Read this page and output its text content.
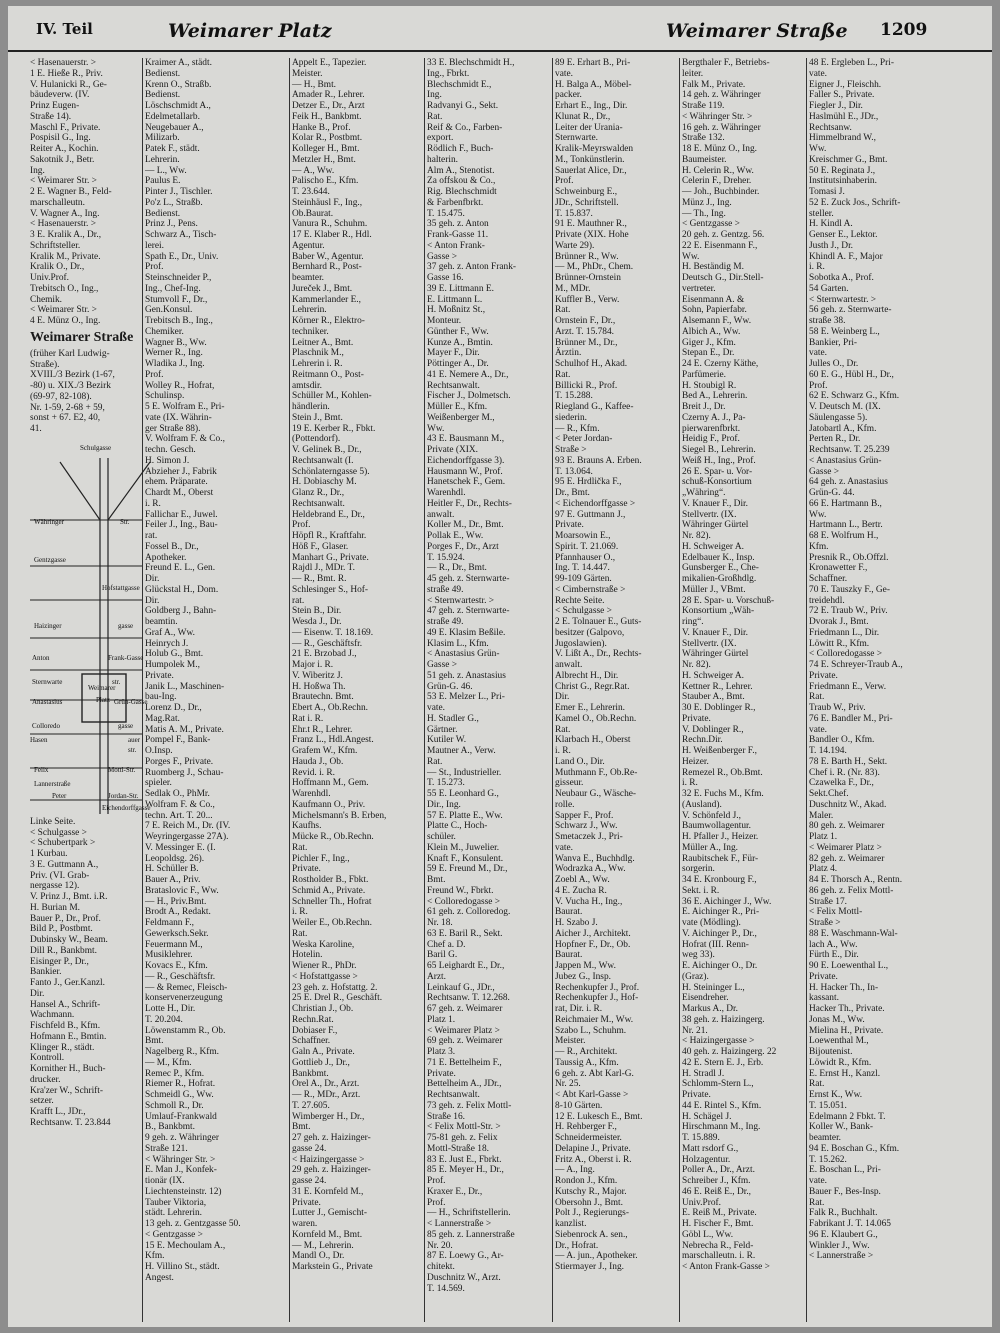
IV. Teil	Weimarer Platz	Weimarer Straße 1209
< Hasenauerstr. >
1 E. Hieße R., Priv.
V. Hulanicki R., Ge-
bäudeverw. (IV.
Prinz Eugen-
Straße 14).
Maschl F., Private.
Pospisil G., Ing.
Reiter A., Kochin.
Sakotnik J., Betr.
Ing.
< Weimarer Str. >
2 E. Wagner B., Feld-
marschalleutn.
V. Wagner A., Ing.
< Hasenauerstr. >
3 E. Kralik A., Dr.,
Schriftsteller.
Kralik M., Private.
Kralik O., Dr.,
Univ.Prof.
Trebitsch O., Ing.,
Chemik.
< Weimarer Str. >
4 E. Münz O., Ing.
Weimarer Straße
(früher Karl Ludwig-
Straße).
XVIII./3 Bezirk (1-67,
-80) u. XIX./3 Bezirk
(69-97, 82-108).
Nr. 1-59, 2-68 + 59,
sonst + 67. E2, 40,
41.
Schulgasse
Währinger	Str.
Gentzgasse
Hofstattgasse
Haizinger	gasse
Anton	Frank-Gasse
Sternwarte	str.
Anastasius	Grün-Gasse
Colloredo	gasse
Hasen
Weimarer
Platz
auer
str.
Felix	Mottl-Str.
Lannerstraße
Peter	Jordan-Str.
Eichendorffgasse
Linke Seite.
< Schulgasse >
< Schubertpark >
1 Kurbau.
3 E. Guttmann A.,
Priv. (VI. Grab-
nergasse 12).
V. Prinz J., Bmt. i.R.
H. Burian M.
Bauer P., Dr., Prof.
Bild P., Postbmt.
Dubinsky W., Beam.
Dill R., Bankbmt.
Eisinger P., Dr.,
Bankier.
Fanto J., Ger.Kanzl.
Dir.
Hansel A., Schrift-
Wachmann.
Fischfeld B., Kfm.
Hofmann E., Bmtin.
Klinger R., städt.
Kontroll.
Kornither H., Buch-
drucker.
Kra'zer W., Schrift-
setzer.
Krafft L., JDr.,
Rechtsanw. T. 23.844
Kraimer A., städt.
Bedienst.
Krenn O., Straßb.
Bedienst.
Löschschmidt A.,
Edelmetallarb.
Neugebauer A.,
Milizarb.
Patek F., städt.
Lehrerin.
— L., Ww.
Paulus E.
Pinter J., Tischler.
Po'z L., Straßb.
Bedienst.
Prinz J., Pens.
Schwarz A., Tisch-
lerei.
Spath E., Dr., Univ.
Prof.
Steinschneider P.,
Ing., Chef-Ing.
Stumvoll F., Dr.,
Gen.Konsul.
Trebitsch B., Ing.,
Chemiker.
Wagner B., Ww.
Werner R., Ing.
Wladika J., Ing.
Prof.
Wolley R., Hofrat,
Schulinsp.
5 E. Wolfram E., Pri-
vate (IX. Währin-
ger Straße 88).
V. Wolfram F. & Co.,
techn. Gesch.
H. Simon J.
Abzieher J., Fabrik
ehem. Präparate.
Chardt M., Oberst
i. R.
Fallichar E., Juwel.
Feiler J., Ing., Bau-
rat.
Fossel B., Dr.,
Apotheker.
Freund E. L., Gen.
Dir.
Glückstal H., Dom.
Dir.
Goldberg J., Bahn-
beamtin.
Graf A., Ww.
Heinrych J.
Holub G., Bmt.
Humpolek M.,
Private.
Janik L., Maschinen-
bau-Ing.
Lorenz D., Dr.,
Mag.Rat.
Matis A. M., Private.
Pompel F., Bank-
O.Insp.
Porges F., Private.
Ruomberg J., Schau-
spieler.
Sedlak O., PhMr.
Wolfram F. & Co.,
techn. Art. T. 20...
7 E. Reich M., Dr. (IV.
Weyringergasse 27A).
V. Messinger E. (I.
Leopoldsg. 26).
H. Schüller B.
Bauer A., Priv.
Brataslovic F., Ww.
— H., Priv.Bmt.
Brodt A., Redakt.
Feldmann F.,
Gewerksch.Sekr.
Feuermann M.,
Musiklehrer.
Kovacs E., Kfm.
— R., Geschäftsfr.
— & Remec, Fleisch-
konservenerzeugung
Lotte H., Dir.
T. 20.204.
Löwenstamm R., Ob.
Bmt.
Nagelberg R., Kfm.
— M., Kfm.
Remec P., Kfm.
Riemer R., Hofrat.
Schmeidl G., Ww.
Schmoll R., Dr.
Umlauf-Frankwald
B., Bankbmt.
9 geh. z. Währinger
Straße 121.
< Währinger Str. >
E. Man J., Konfek-
tionär (IX.
Liechtensteinstr. 12)
Tauber Viktoria,
städt. Lehrerin.
13 geh. z. Gentzgasse 50.
< Gentzgasse >
15 E. Mechoulam A.,
Kfm.
H. Villino St., städt.
Angest.
Appelt E., Tapezier.
Meister.
— H., Bmt.
Amader R., Lehrer.
Detzer E., Dr., Arzt
Feik H., Bankbmt.
Hanke B., Prof.
Kolar R., Postbmt.
Kolleger H., Bmt.
Metzler H., Bmt.
— A., Ww.
Palischo E., Kfm.
T. 23.644.
Steinhäusl F., Ing.,
Ob.Baurat.
Vanura R., Schuhm.
17 E. Klaber R., Hdl.
Agentur.
Baber W., Agentur.
Bernhard R., Post-
beamter.
Jureček J., Bmt.
Kammerlander E.,
Lehrerin.
Körner R., Elektro-
techniker.
Leitner A., Bmt.
Plaschnik M.,
Lehrerin i. R.
Reitmann O., Post-
amtsdir.
Schüller M., Kohlen-
händlerin.
Stein J., Bmt.
19 E. Kerber R., Fbkt.
(Pottendorf).
V. Gelinek B., Dr.,
Rechtsanwalt (I.
Schönlaterngasse 5).
H. Dobiaschy M.
Glanz R., Dr.,
Rechtsanwalt.
Heldebrand E., Dr.,
Prof.
Höpfl R., Kraftfahr.
Höß F., Glaser.
Manhart G., Private.
Rajdl J., MDr. T.
— R., Bmt. R.
Schlesinger S., Hof-
rat.
Stein B., Dir.
Wesda J., Dr.
— Eisenw. T. 18.169.
— R., Geschäftsfr.
21 E. Brzobad J.,
Major i. R.
V. Wiberitz J.
H. Hoßwa Th.
Brautechn. Bmt.
Ebert A., Ob.Rechn.
Rat i. R.
Ehr.t R., Lehrer.
Franz L., Hdl.Angest.
Grafem W., Kfm.
Hauda J., Ob.
Revid. i. R.
Hoffmann M., Gem.
Warenhdl.
Kaufmann O., Priv.
Michelsmann's B. Erben,
Kaufhs.
Mücke R., Ob.Rechn.
Rat.
Pichler F., Ing.,
Private.
Rostholder B., Fbkt.
Schmid A., Private.
Schneller Th., Hofrat
i. R.
Weiler E., Ob.Rechn.
Rat.
Weska Karoline,
Hotelin.
Wiener R., PhDr.
< Hofstattgasse >
23 geh. z. Hofstattg. 2.
25 E. Drel R., Geschäft.
Christian J., Ob.
Rechn.Rat.
Dobiaser F.,
Schaffner.
Galn A., Private.
Gottlieb J., Dr.,
Bankbmt.
Orel A., Dr., Arzt.
— R., MDr., Arzt.
T. 27.605.
Wimberger H., Dr.,
Bmt.
27 geh. z. Haizinger-
gasse 24.
< Haizingergasse >
29 geh. z. Haizinger-
gasse 24.
31 E. Kornfeld M.,
Private.
Lutter J., Gemischt-
waren.
Kornfeld M., Bmt.
— M., Lehrerin.
Mandl O., Dr.
Markstein G., Private
33 E. Blechschmidt H.,
Ing., Fbrkt.
Blechschmidt E.,
Ing.
Radvanyi G., Sekt.
Rat.
Reif & Co., Farben-
export.
Rödlich F., Buch-
halterin.
Alm A., Stenotist.
Za offskou & Co.,
Rig. Blechschmidt
& Farbenfbrkt.
T. 15.475.
35 geh. z. Anton
Frank-Gasse 11.
< Anton Frank-
Gasse >
37 geh. z. Anton Frank-
Gasse 16.
39 E. Littmann E.
E. Littmann L.
H. Moßnitz St.,
Monteur.
Günther F., Ww.
Kunze A., Bmtin.
Mayer F., Dir.
Pöttinger A., Dr.
41 E. Nemere A., Dr.,
Rechtsanwalt.
Fischer J., Dolmetsch.
Müller E., Kfm.
Weißenberger M.,
Ww.
43 E. Bausmann M.,
Private (XIX.
Eichendorffgasse 3).
Hausmann W., Prof.
Hanetschek F., Gem.
Warenhdl.
Heitler F., Dr., Rechts-
anwalt.
Koller M., Dr., Bmt.
Pollak E., Ww.
Porges F., Dr., Arzt
T. 15.924.
— R., Dr., Bmt.
45 geh. z. Sternwarte-
straße 49.
< Sternwartestr. >
47 geh. z. Sternwarte-
straße 49.
49 E. Klasim Beßile.
Klasim L., Kfm.
< Anastasius Grün-
Gasse >
51 geh. z. Anastasius
Grün-G. 46.
53 E. Melzer L., Pri-
vate.
H. Stadler G.,
Gärtner.
Kutiler W.
Mautner A., Verw.
Rat.
— St., Industrieller.
T. 15.273.
55 E. Leonhard G.,
Dir., Ing.
57 E. Platte E., Ww.
Platte C., Hoch-
schüler.
Klein M., Juwelier.
Knaft F., Konsulent.
59 E. Freund M., Dr.,
Bmt.
Freund W., Fbrkt.
< Colloredogasse >
61 geh. z. Colloredog.
Nr. 18.
63 E. Baril R., Sekt.
Chef a. D.
Baril G.
65 Leighardt E., Dr.,
Arzt.
Leinkauf G., JDr.,
Rechtsanw. T. 12.268.
67 geh. z. Weimarer
Platz 1.
< Weimarer Platz >
69 geh. z. Weimarer
Platz 3.
71 E. Bettelheim F.,
Private.
Bettelheim A., JDr.,
Rechtsanwalt.
73 geh. z. Felix Mottl-
Straße 16.
< Felix Mottl-Str. >
75-81 geh. z. Felix
Mottl-Straße 18.
83 E. Just E., Fbrkt.
85 E. Meyer H., Dr.,
Prof.
Kraxer E., Dr.,
Prof.
— H., Schriftstellerin.
< Lannerstraße >
85 geh. z. Lannerstraße
Nr. 20.
87 E. Loewy G., Ar-
chitekt.
Duschnitz W., Arzt.
T. 14.569.
89 E. Erhart B., Pri-
vate.
H. Balga A., Möbel-
packer.
Erhart E., Ing., Dir.
Klunat R., Dr.,
Leiter der Urania-
Sternwarte.
Kralik-Meyrswalden
M., Tonkünstlerin.
Sauerlat Alice, Dr.,
Prof.
Schweinburg E.,
JDr., Schriftstell.
T. 15.837.
91 E. Mauthner R.,
Private (XIX. Hohe
Warte 29).
Brünner R., Ww.
— M., PhDr., Chem.
Brünner-Ornstein
M., MDr.
Kuffler B., Verw.
Rat.
Ornstein F., Dr.,
Arzt. T. 15.784.
Brünner M., Dr.,
Ärztin.
Schulhof H., Akad.
Rat.
Billicki R., Prof.
T. 15.288.
Riegland G., Kaffee-
siederin.
— R., Kfm.
< Peter Jordan-
Straße >
93 E. Brauns A. Erben.
T. 13.064.
95 E. Hrdlička F.,
Dr., Bmt.
< Eichendorffgasse >
97 E. Guttmann J.,
Private.
Moarsowin E.,
Spirit. T. 21.069.
Pfannhauser O.,
Ing. T. 14.447.
99-109 Gärten.
< Cimbernstraße >
Rechte Seite.
< Schulgasse >
2 E. Tolnauer E., Guts-
besitzer (Galpovo,
Jugoslawien).
V. Lißt A., Dr., Rechts-
anwalt.
Albrecht H., Dir.
Christ G., Regr.Rat.
Dir.
Emer E., Lehrerin.
Kamel O., Ob.Rechn.
Rat.
Klarbach H., Oberst
i. R.
Land O., Dir.
Muthmann F., Ob.Re-
gisseur.
Neubaur G., Wäsche-
rolle.
Sapper F., Prof.
Schwarz J., Ww.
Smetaczek J., Pri-
vate.
Wanva E., Buchhdlg.
Wodrazka A., Ww.
Zoebl A., Ww.
4 E. Zucha R.
V. Vucha H., Ing.,
Baurat.
H. Szabo J.
Aicher J., Architekt.
Hopfner F., Dr., Ob.
Baurat.
Jappen M., Ww.
Jubez G., Insp.
Rechenkupfer J., Prof.
Rechenkupfer J., Hof-
rat, Dir. i. R.
Reichmaier M., Ww.
Szabo L., Schuhm.
Meister.
— R., Architekt.
Taussig A., Kfm.
6 geh. z. Abt Karl-G.
Nr. 25.
< Abt Karl-Gasse >
8-10 Gärten.
12 E. Lukesch E., Bmt.
H. Rehberger F.,
Schneidermeister.
Delapine J., Private.
Fritz A., Oberst i. R.
— A., Ing.
Rondon J., Kfm.
Kutschy R., Major.
Obersohn J., Bmt.
Polt J., Regierungs-
kanzlist.
Siebenrock A. sen.,
Dr., Hofrat.
— A. jun., Apotheker.
Stiermayer J., Ing.
Bergthaler F., Betriebs-
leiter.
Falk M., Private.
14 geh. z. Währinger
Straße 119.
< Währinger Str. >
16 geh. z. Währinger
Straße 132.
18 E. Münz O., Ing.
Baumeister.
H. Celerin R., Ww.
Celerin F., Dreher.
— Joh., Buchbinder.
Münz J., Ing.
— Th., Ing.
< Gentzgasse >
20 geh. z. Gentzg. 56.
22 E. Eisenmann F.,
Ww.
H. Beständig M.
Deutsch G., Dir.Stell-
vertreter.
Eisenmann A. &
Sohn, Papierfabr.
Alsemann F., Ww.
Albich A., Ww.
Giger J., Kfm.
Stepan E., Dr.
24 E. Czerny Käthe,
Parfümerie.
H. Stoubigl R.
Bed A., Lehrerin.
Breit J., Dr.
Czerny A. J., Pa-
pierwarenfbrkt.
Heidig F., Prof.
Siegel B., Lehrerin.
Weiß H., Ing., Prof.
26 E. Spar- u. Vor-
schuß-Konsortium
„Währing“.
V. Knauer F., Dir.
Stellvertr. (IX.
Währinger Gürtel
Nr. 82).
H. Schweiger A.
Edelbauer K., Insp.
Gunsberger E., Che-
mikalien-Großhdlg.
Müller J., VBmt.
28 E. Spar- u. Vorschuß-
Konsortium „Wäh-
ring“.
V. Knauer F., Dir.
Stellvertr. (IX.
Währinger Gürtel
Nr. 82).
H. Schweiger A.
Kettner R., Lehrer.
Stauber A., Bmt.
30 E. Doblinger R.,
Private.
V. Doblinger R.,
Rechn.Dir.
H. Weißenberger F.,
Heizer.
Remezel R., Ob.Bmt.
i. R.
32 E. Fuchs M., Kfm.
(Ausland).
V. Schönfeld J.,
Baumwollagentur.
H. Pfaller J., Heizer.
Müller A., Ing.
Raubitschek F., Für-
sorgerin.
34 E. Kronbourg F.,
Sekt. i. R.
36 E. Aichinger J., Ww.
E. Aichinger R., Pri-
vate (Mödling).
V. Aichinger P., Dr.,
Hofrat (III. Renn-
weg 33).
E. Aichinger O., Dr.
(Graz).
H. Steininger L.,
Eisendreher.
Markus A., Dr.
38 geh. z. Haizingerg.
Nr. 21.
< Haizingergasse >
40 geh. z. Haizingerg. 22
42 E. Stern E. J., Erb.
H. Stradl J.
Schlomm-Stern L.,
Private.
44 E. Rintel S., Kfm.
H. Schägel J.
Hirschmann M., Ing.
T. 15.889.
Matt rsdorf G.,
Holzagentur.
Poller A., Dr., Arzt.
Schreiber J., Kfm.
46 E. Reiß E., Dr.,
Univ.Prof.
E. Reiß M., Private.
H. Fischer F., Bmt.
Göbl L., Ww.
Nebrecha R., Feld-
marschalleutn. i. R.
< Anton Frank-Gasse >
48 E. Ergleben L., Pri-
vate.
Eigner J., Fleischh.
Faller S., Private.
Fiegler J., Dir.
Haslmühl E., JDr.,
Rechtsanw.
Himmelbrand W.,
Ww.
Kreischmer G., Bmt.
50 E. Reginata J.,
Institutsinhaberin.
Tomasi J.
52 E. Zuck Jos., Schrift-
steller.
H. Kindl A.
Genser E., Lektor.
Justh J., Dr.
Khindl A. F., Major
i. R.
Sobotka A., Prof.
54 Garten.
< Sternwartestr. >
56 geh. z. Sternwarte-
straße 38.
58 E. Weinberg L.,
Bankier, Pri-
vate.
Julles O., Dr.
60 E. G., Hübl H., Dr.,
Prof.
62 E. Schwarz G., Kfm.
V. Deutsch M. (IX.
Säulengasse 5).
Jatobartl A., Kfm.
Perten R., Dr.
Rechtsanw. T. 25.239
< Anastasius Grün-
Gasse >
64 geh. z. Anastasius
Grün-G. 44.
66 E. Hartmann B.,
Ww.
Hartmann L., Bertr.
68 E. Wolfrum H.,
Kfm.
Presnik R., Ob.Offzl.
Kronawetter F.,
Schaffner.
70 E. Tauszky F., Ge-
treidehdl.
72 E. Traub W., Priv.
Dvorak J., Bmt.
Friedmann L., Dir.
Löwitt R., Kfm.
< Colloredogasse >
74 E. Schreyer-Traub A.,
Private.
Friedmann E., Verw.
Rat.
Traub W., Priv.
76 E. Bandler M., Pri-
vate.
Bandler O., Kfm.
T. 14.194.
78 E. Barth H., Sekt.
Chef i. R. (Nr. 83).
Czawelka F., Dr.,
Sekt.Chef.
Duschnitz W., Akad.
Maler.
80 geh. z. Weimarer
Platz 1.
< Weimarer Platz >
82 geh. z. Weimarer
Platz 4.
84 E. Thorsch A., Rentn.
86 geh. z. Felix Mottl-
Straße 17.
< Felix Mottl-
Straße >
88 E. Waschmann-Wal-
lach A., Ww.
Fürth E., Dir.
90 E. Loewenthal L.,
Private.
H. Hacker Th., In-
kassant.
Hacker Th., Private.
Jonas M., Ww.
Mielina H., Private.
Loewenthal M.,
Bijoutenist.
Löwidt R., Kfm.
E. Ernst H., Kanzl.
Rat.
Ernst K., Ww.
T. 15.051.
Edelmann 2 Fbkt. T.
Koller W., Bank-
beamter.
94 E. Boschan G., Kfm.
T. 15.262.
E. Boschan L., Pri-
vate.
Bauer F., Bes-Insp.
Rat.
Falk R., Buchhalt.
Fabrikant J. T. 14.065
96 E. Klaubert G.,
Winkler J., Ww.
< Lannerstraße >
